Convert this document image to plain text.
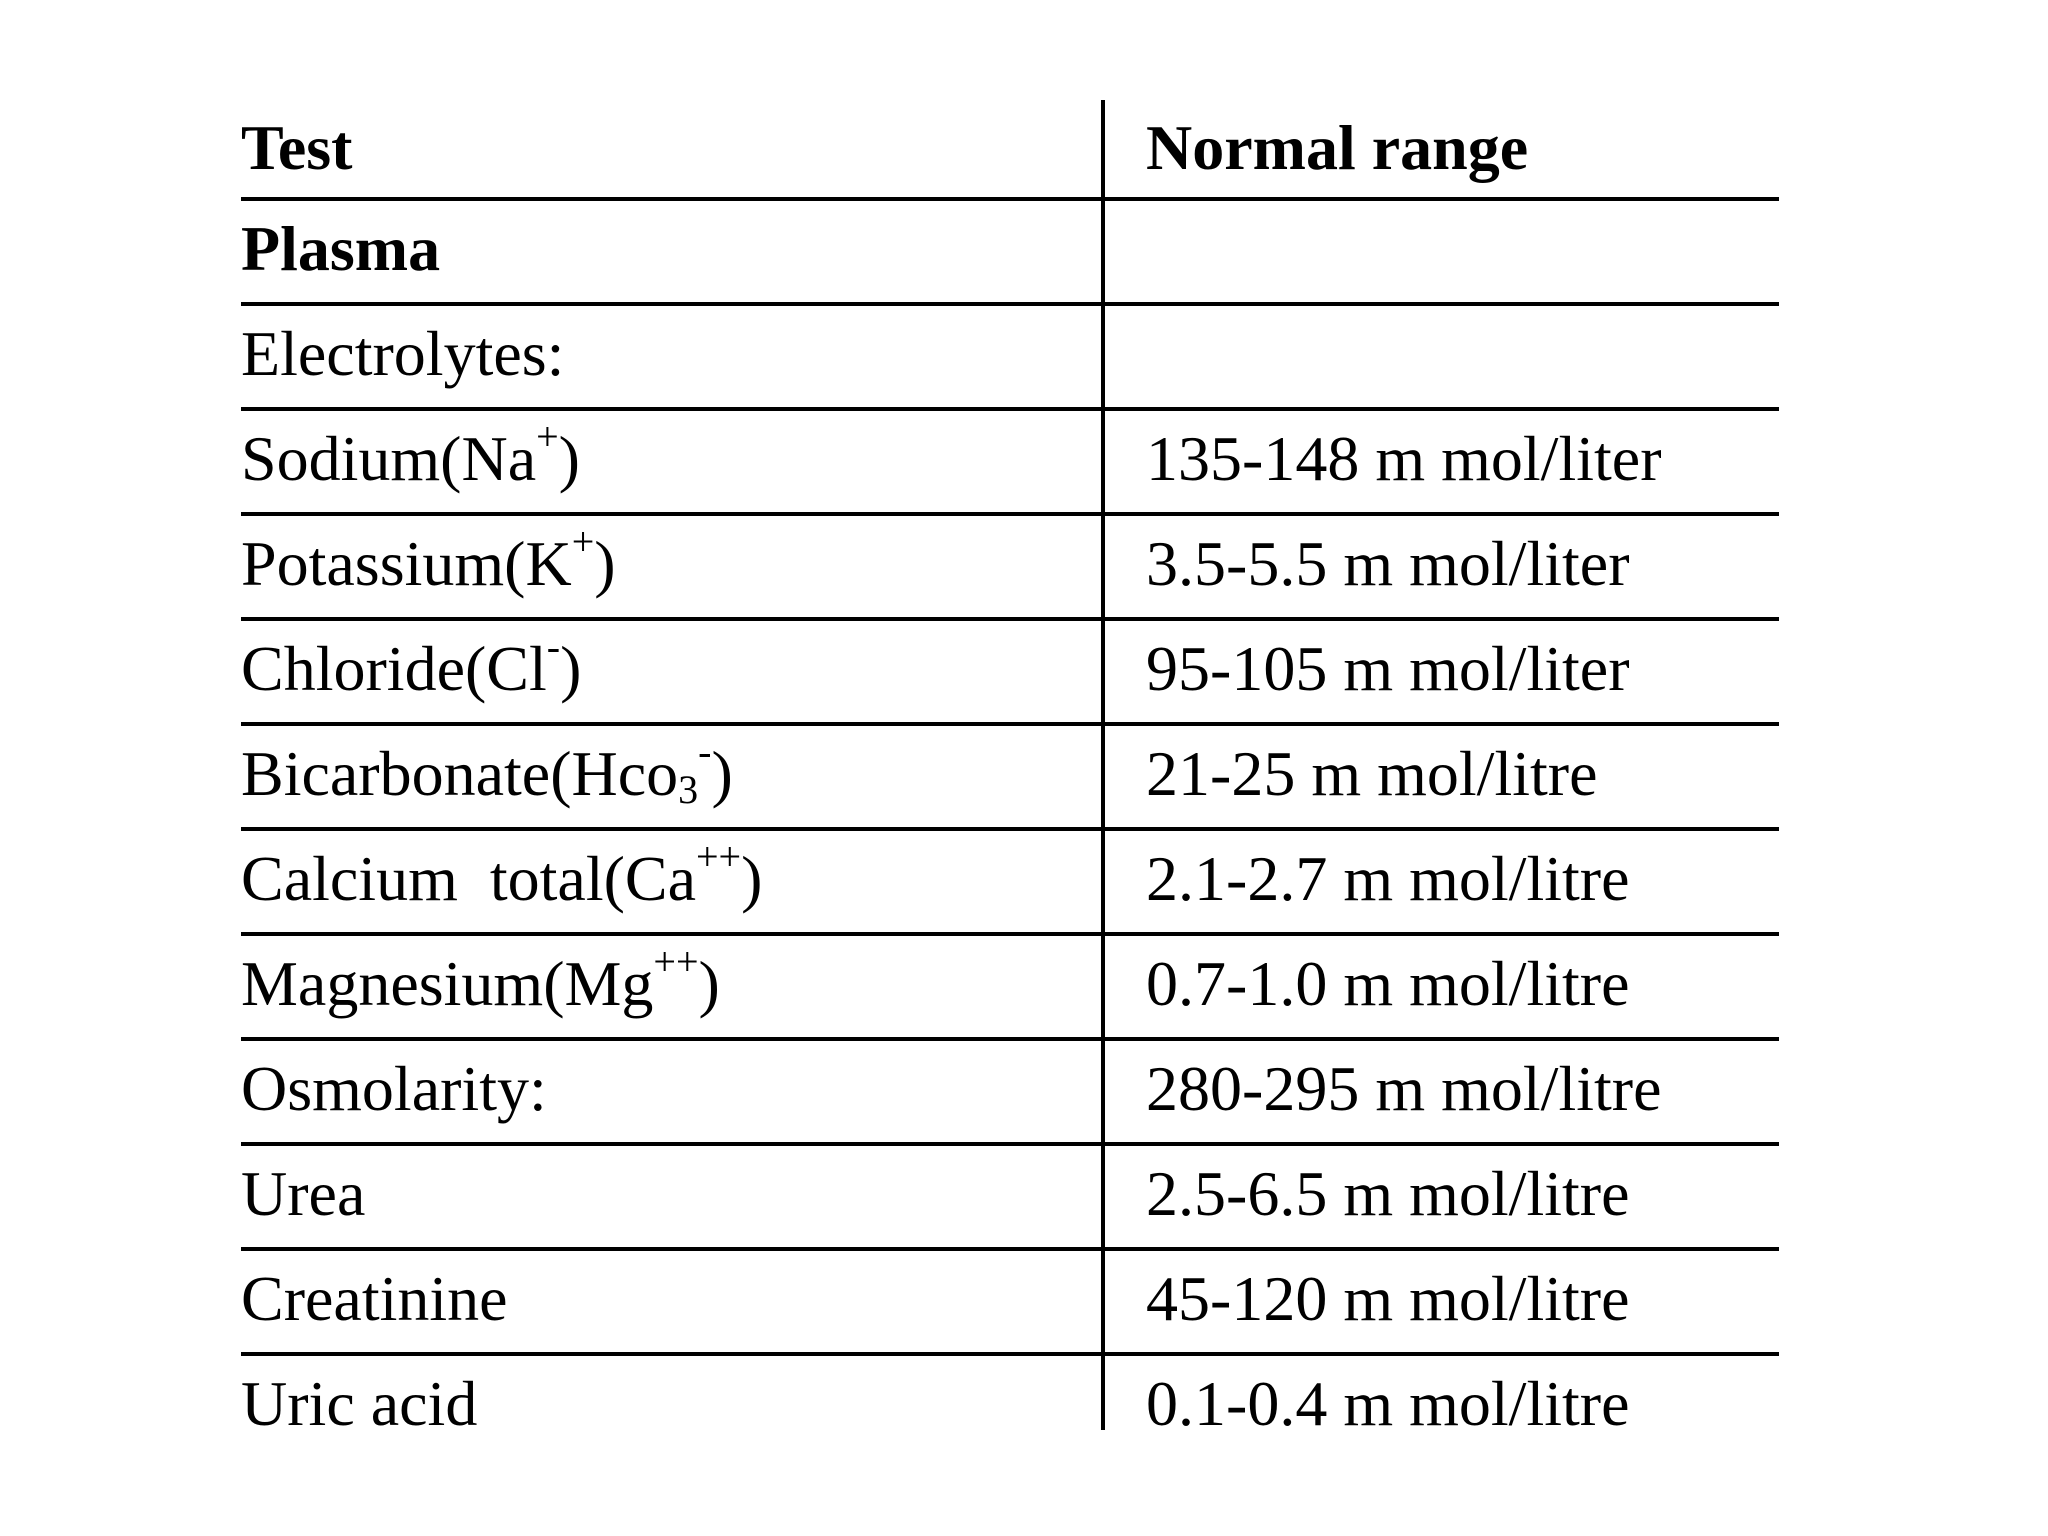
Test	Normal range
Plasma
Electrolytes:
Sodium(Na+)	135-148 m mol/liter
Potassium(K+)	3.5-5.5 m mol/liter
Chloride(Cl-)	95-105 m mol/liter
Bicarbonate(Hco$_3$-)	21-25 m mol/litre
Calcium  total(Ca++)	2.1-2.7 m mol/litre
Magnesium(Mg++)	0.7-1.0 m mol/litre
Osmolarity:	280-295 m mol/litre
Urea	2.5-6.5 m mol/litre
Creatinine	45-120 m mol/litre
Uric acid	0.1-0.4 m mol/litre
